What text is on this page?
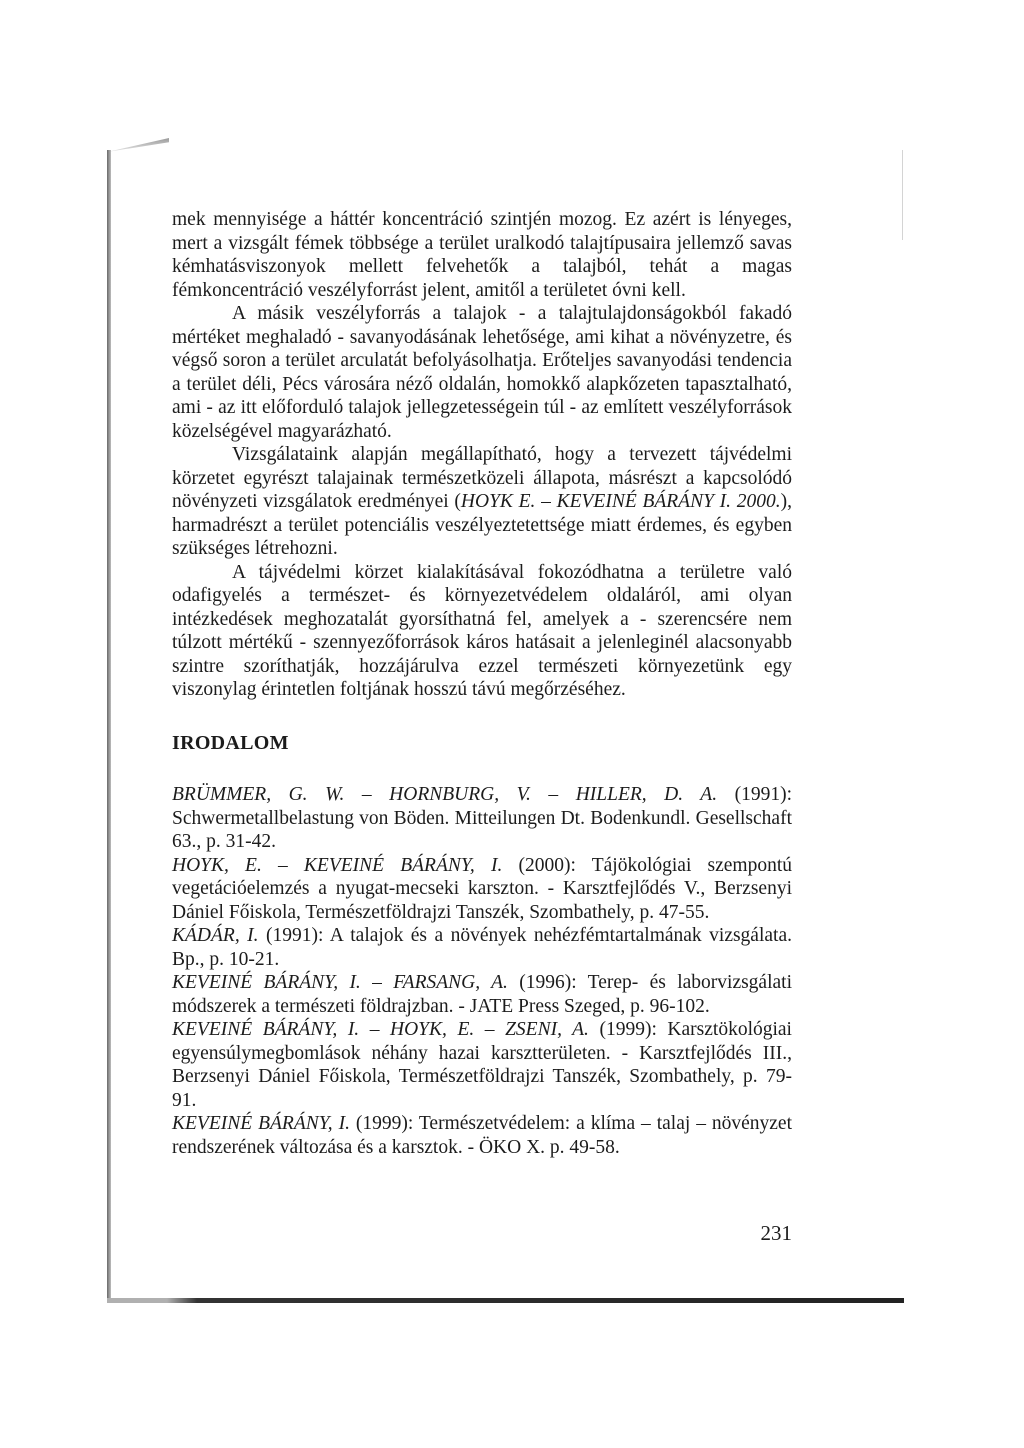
mek mennyisége a háttér koncentráció szintjén mozog. Ez azért is lényeges, mert a vizsgált fémek többsége a terület uralkodó talajtípusaira jellemző savas kémhatásviszonyok mellett felvehetők a talajból, tehát a magas fémkoncentráció veszélyforrást jelent, amitől a területet óvni kell.

A másik veszélyforrás a talajok - a talajtulajdonságokból fakadó mértéket meghaladó - savanyodásának lehetősége, ami kihat a növényzetre, és végső soron a terület arculatát befolyásolhatja. Erőteljes savanyodási tendencia a terület déli, Pécs városára néző oldalán, homokkő alapkőzeten tapasztalható, ami - az itt előforduló talajok jellegzetességein túl - az említett veszélyforrások közelségével magyarázható.

Vizsgálataink alapján megállapítható, hogy a tervezett tájvédelmi körzetet egyrészt talajainak természetközeli állapota, másrészt a kapcsolódó növényzeti vizsgálatok eredményei (HOYK E. – KEVEINÉ BÁRÁNY I. 2000.), harmadrészt a terület potenciális veszélyeztetettsége miatt érdemes, és egyben szükséges létrehozni.

A tájvédelmi körzet kialakításával fokozódhatna a területre való odafigyelés a természet- és környezetvédelem oldaláról, ami olyan intézkedések meghozatalát gyorsíthatná fel, amelyek a - szerencsére nem túlzott mértékű - szennyezőforrások káros hatásait a jelenleginél alacsonyabb szintre szoríthatják, hozzájárulva ezzel természeti környezetünk egy viszonylag érintetlen foltjának hosszú távú megőrzéséhez.

IRODALOM

BRÜMMER, G. W. – HORNBURG, V. – HILLER, D. A. (1991): Schwermetallbelastung von Böden. Mitteilungen Dt. Bodenkundl. Gesellschaft 63., p. 31-42.

HOYK, E. – KEVEINÉ BÁRÁNY, I. (2000): Tájökológiai szempontú vegetációelemzés a nyugat-mecseki karszton. - Karsztfejlődés V., Berzsenyi Dániel Főiskola, Természetföldrajzi Tanszék, Szombathely, p. 47-55.

KÁDÁR, I. (1991): A talajok és a növények nehézfémtartalmának vizsgálata. Bp., p. 10-21.

KEVEINÉ BÁRÁNY, I. – FARSANG, A. (1996): Terep- és laborvizsgálati módszerek a természeti földrajzban. - JATE Press Szeged, p. 96-102.

KEVEINÉ BÁRÁNY, I. – HOYK, E. – ZSENI, A. (1999): Karsztökológiai egyensúlymegbomlások néhány hazai karsztterületen. - Karsztfejlődés III., Berzsenyi Dániel Főiskola, Természetföldrajzi Tanszék, Szombathely, p. 79-91.

KEVEINÉ BÁRÁNY, I. (1999): Természetvédelem: a klíma – talaj – növényzet rendszerének változása és a karsztok. - ÖKO X. p. 49-58.

231
